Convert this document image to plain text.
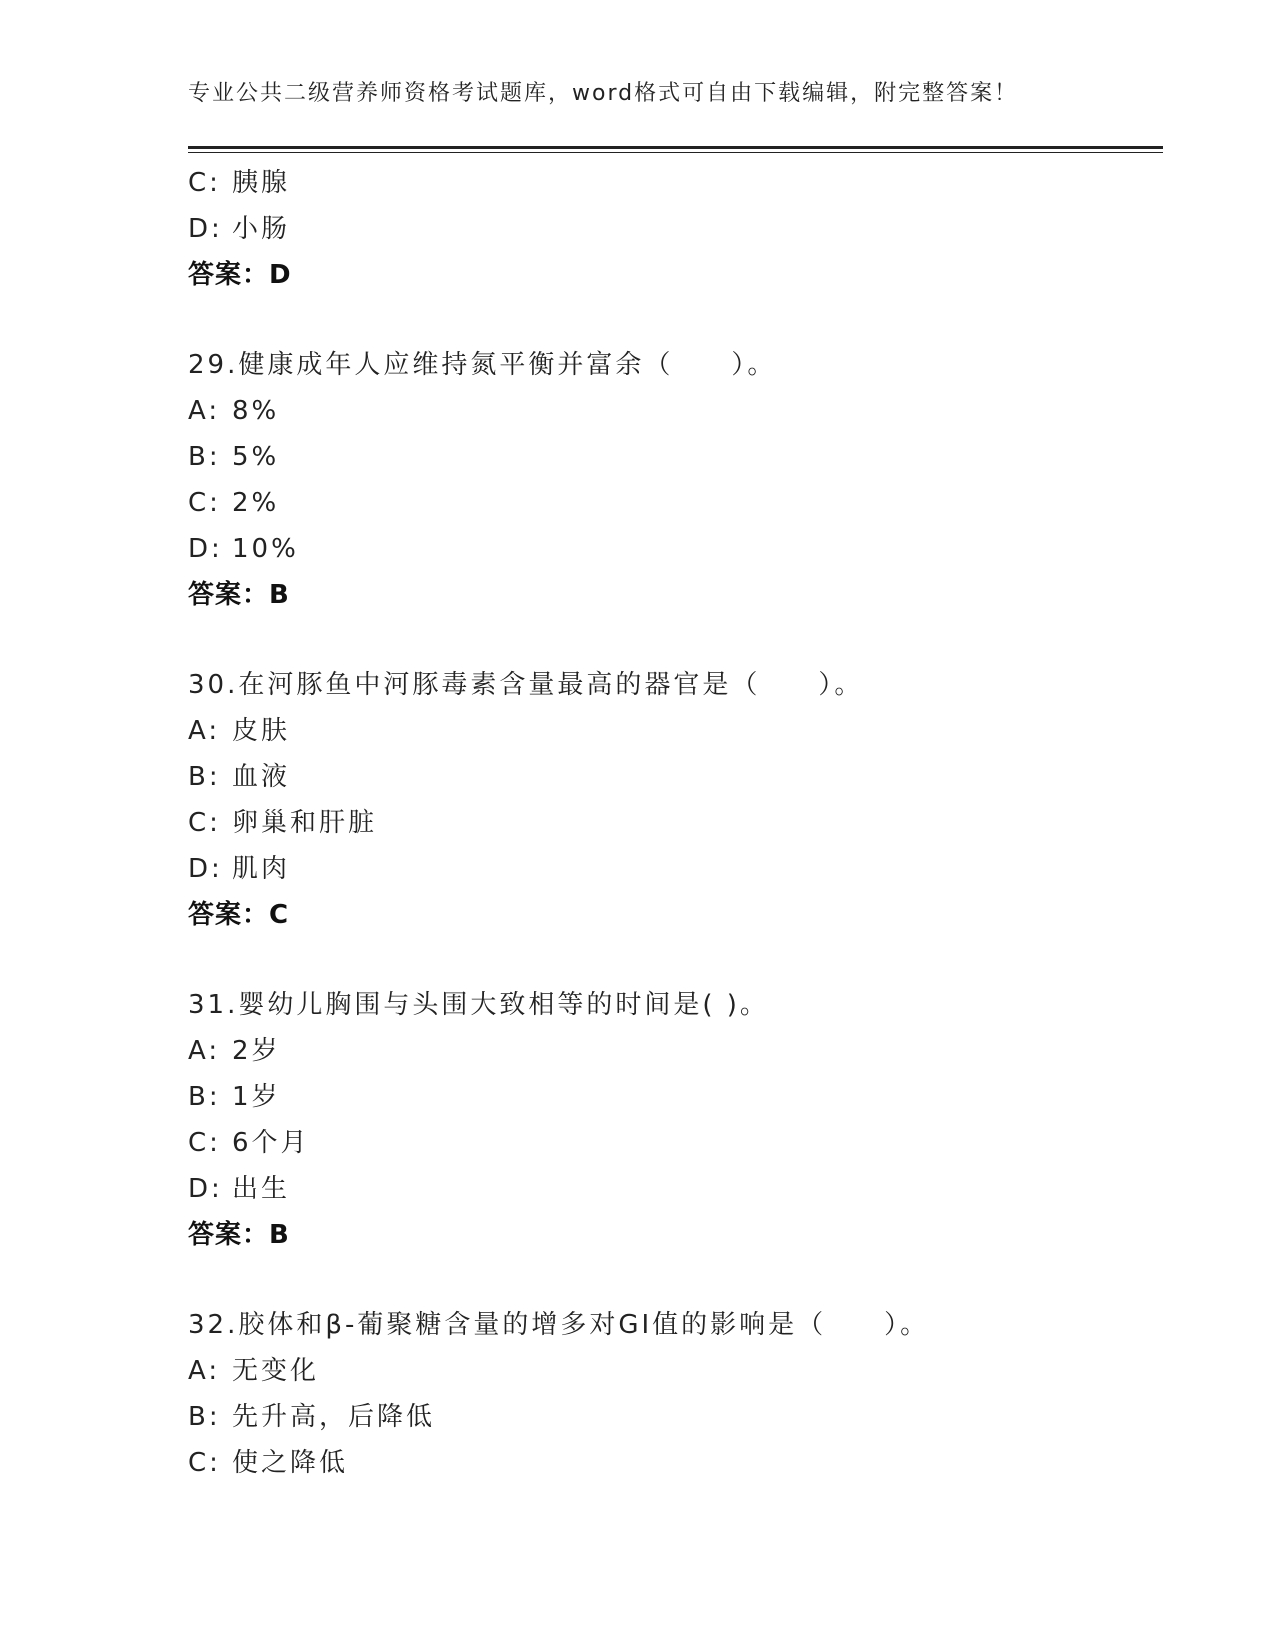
专业公共二级营养师资格考试题库，word格式可自由下载编辑，附完整答案！
C: 胰腺
D: 小肠
答案：D
29.健康成年人应维持氮平衡并富余（　　）。
A: 8%
B: 5%
C: 2%
D: 10%
答案：B
30.在河豚鱼中河豚毒素含量最高的器官是（　　）。
A: 皮肤
B: 血液
C: 卵巢和肝脏
D: 肌肉
答案：C
31.婴幼儿胸围与头围大致相等的时间是( )。
A: 2岁
B: 1岁
C: 6个月
D: 出生
答案：B
32.胶体和β-葡聚糖含量的增多对GI值的影响是（　　）。
A: 无变化
B: 先升高，后降低
C: 使之降低
